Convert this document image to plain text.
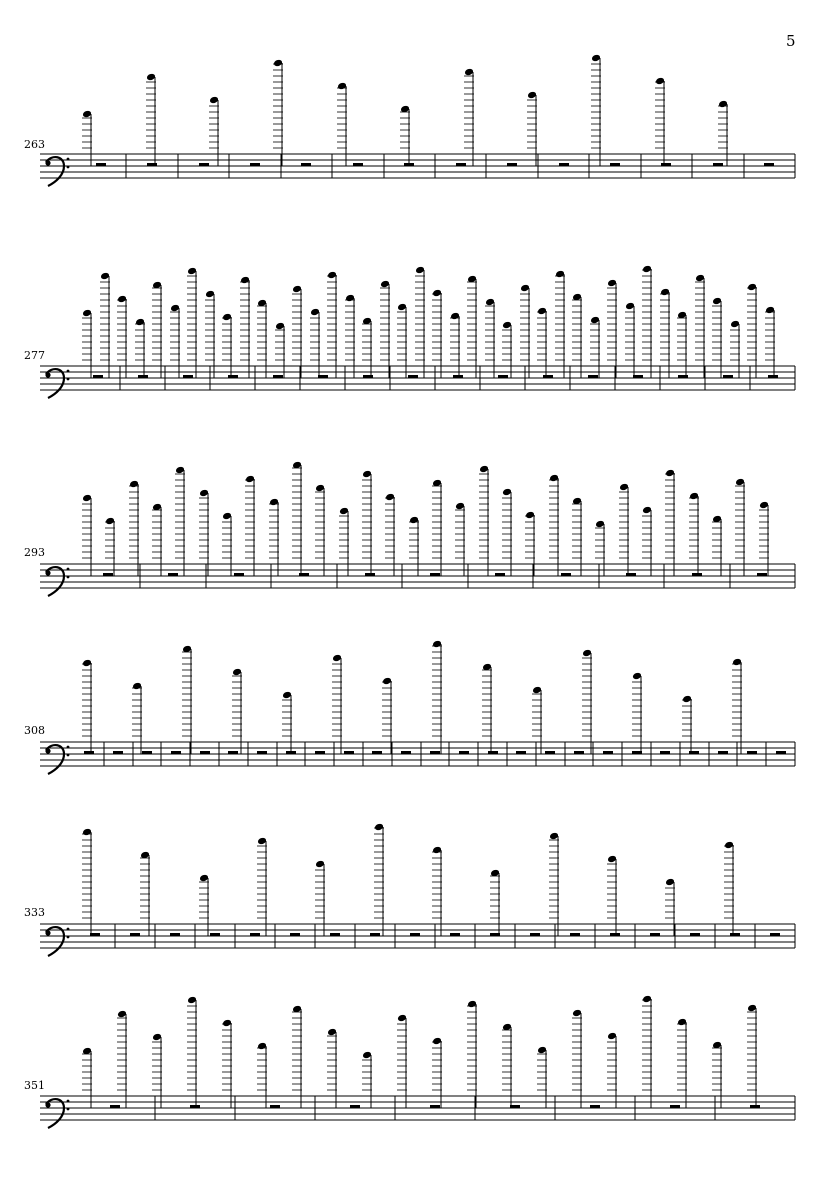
5
263
277
293
308
333
351
